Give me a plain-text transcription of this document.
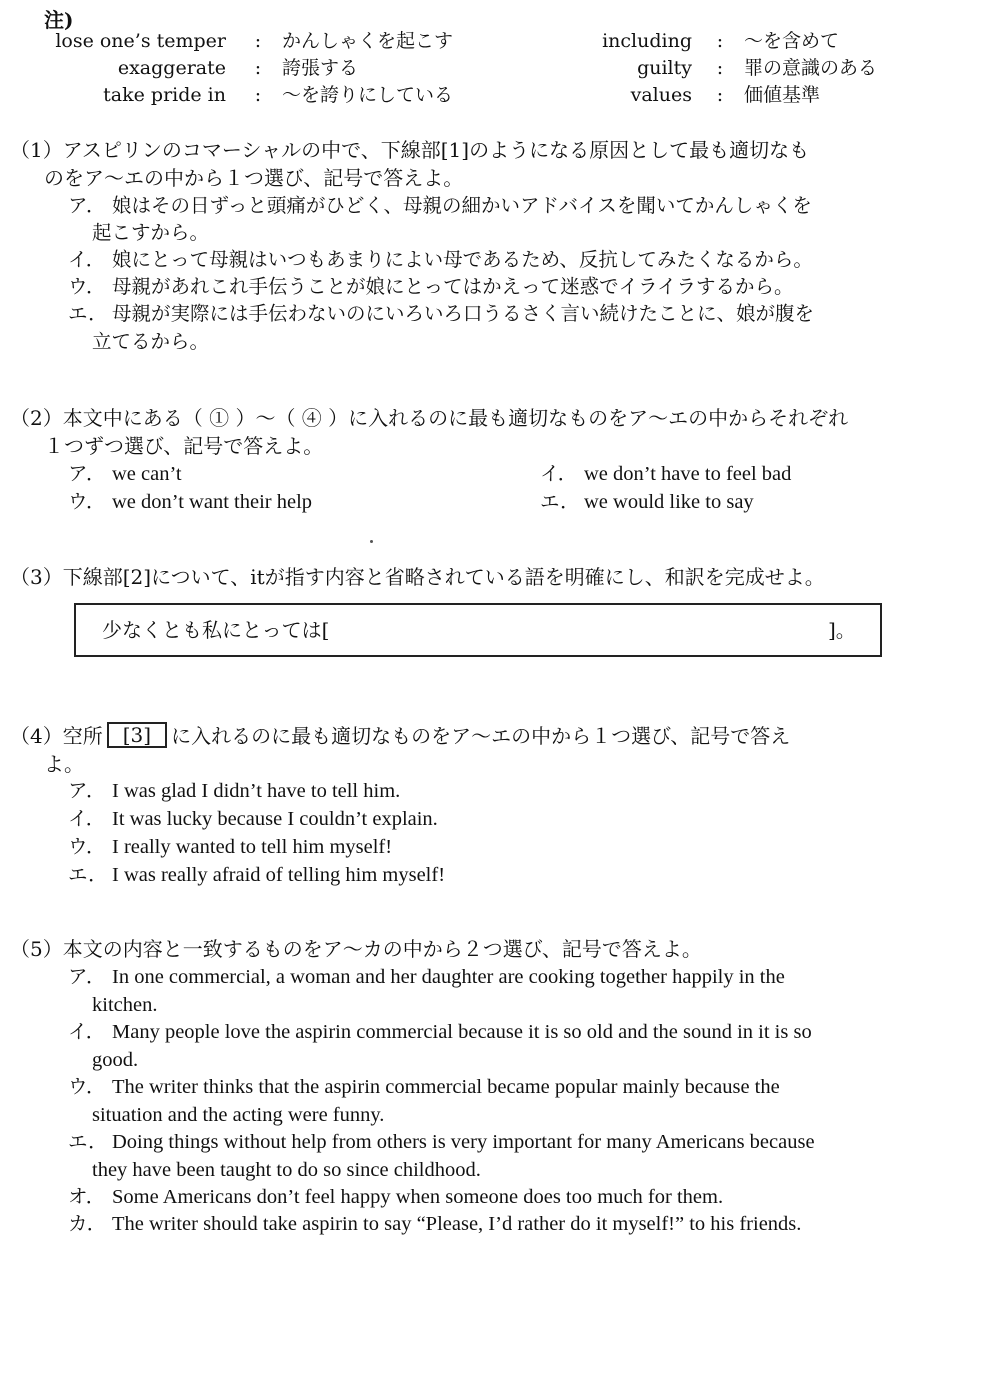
注)
lose one’s temper	:	かんしゃくを起こす	including	:	～を含めて
exaggerate	:	誇張する	guilty	:	罪の意識のある
take pride in	:	～を誇りにしている	values	:	価値基準
（1）アスピリンのコマーシャルの中で、下線部[1]のようになる原因として最も適切なも
のをア～エの中から１つ選び、記号で答えよ。
ア． 娘はその日ずっと頭痛がひどく、母親の細かいアドバイスを聞いてかんしゃくを
起こすから。
イ． 娘にとって母親はいつもあまりによい母であるため、反抗してみたくなるから。
ウ． 母親があれこれ手伝うことが娘にとってはかえって迷惑でイライラするから。
エ． 母親が実際には手伝わないのにいろいろ口うるさく言い続けたことに、娘が腹を
立てるから。
（2）本文中にある（ ① ）～（ ④ ）に入れるのに最も適切なものをア～エの中からそれぞれ
１つずつ選び、記号で答えよ。
ア． we can’t	イ． we don’t have to feel bad
ウ． we don’t want their help	エ． we would like to say
（3）下線部[2]について、itが指す内容と省略されている語を明確にし、和訳を完成せよ。
少なくとも私にとっては[	]。
（4）空所 [3] に入れるのに最も適切なものをア～エの中から１つ選び、記号で答え
よ。
ア． I was glad I didn’t have to tell him.
イ． It was lucky because I couldn’t explain.
ウ． I really wanted to tell him myself!
エ． I was really afraid of telling him myself!
（5）本文の内容と一致するものをア～カの中から２つ選び、記号で答えよ。
ア． In one commercial, a woman and her daughter are cooking together happily in the
kitchen.
イ． Many people love the aspirin commercial because it is so old and the sound in it is so
good.
ウ． The writer thinks that the aspirin commercial became popular mainly because the
situation and the acting were funny.
エ． Doing things without help from others is very important for many Americans because
they have been taught to do so since childhood.
オ． Some Americans don’t feel happy when someone does too much for them.
カ． The writer should take aspirin to say “Please, I’d rather do it myself!” to his friends.
